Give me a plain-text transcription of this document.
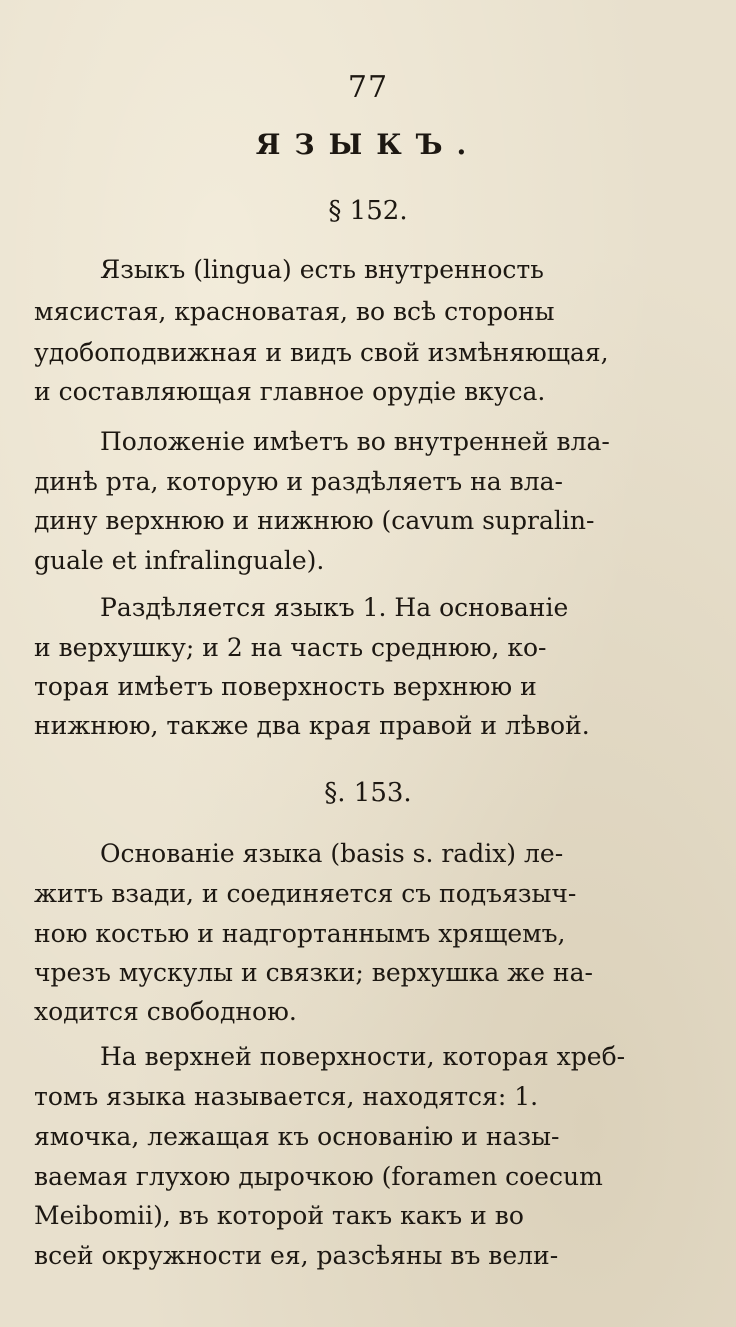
77
ЯЗЫКЪ.
§ 152.
Языкъ (lingua) есть внутренность
мясистая, красноватая, во всѣ стороны
удобоподвижная и видъ свой измѣняющая,
и составляющая главное орудіе вкуса.
Положеніе имѣетъ во внутренней вла-
динѣ рта, которую и раздѣляетъ на вла-
дину верхнюю и нижнюю (cavum supralin-
guale et infralinguale).
Раздѣляется языкъ 1. На основаніе
и верхушку; и 2 на часть среднюю, ко-
торая имѣетъ поверхность верхнюю и
нижнюю, также два края правой и лѣвой.
§. 153.
Основаніе языка (basis s. radix) ле-
житъ взади, и соединяется съ подъязыч-
ною костью и надгортаннымъ хрящемъ,
чрезъ мускулы и связки; верхушка же на-
ходится свободною.
На верхней поверхности, которая хреб-
томъ языка называется, находятся: 1.
ямочка, лежащая къ основанію и назы-
ваемая глухою дырочкою (foramen coecum
Meibomii), въ которой такъ какъ и во
всей окружности ея, разсѣяны въ вели-
